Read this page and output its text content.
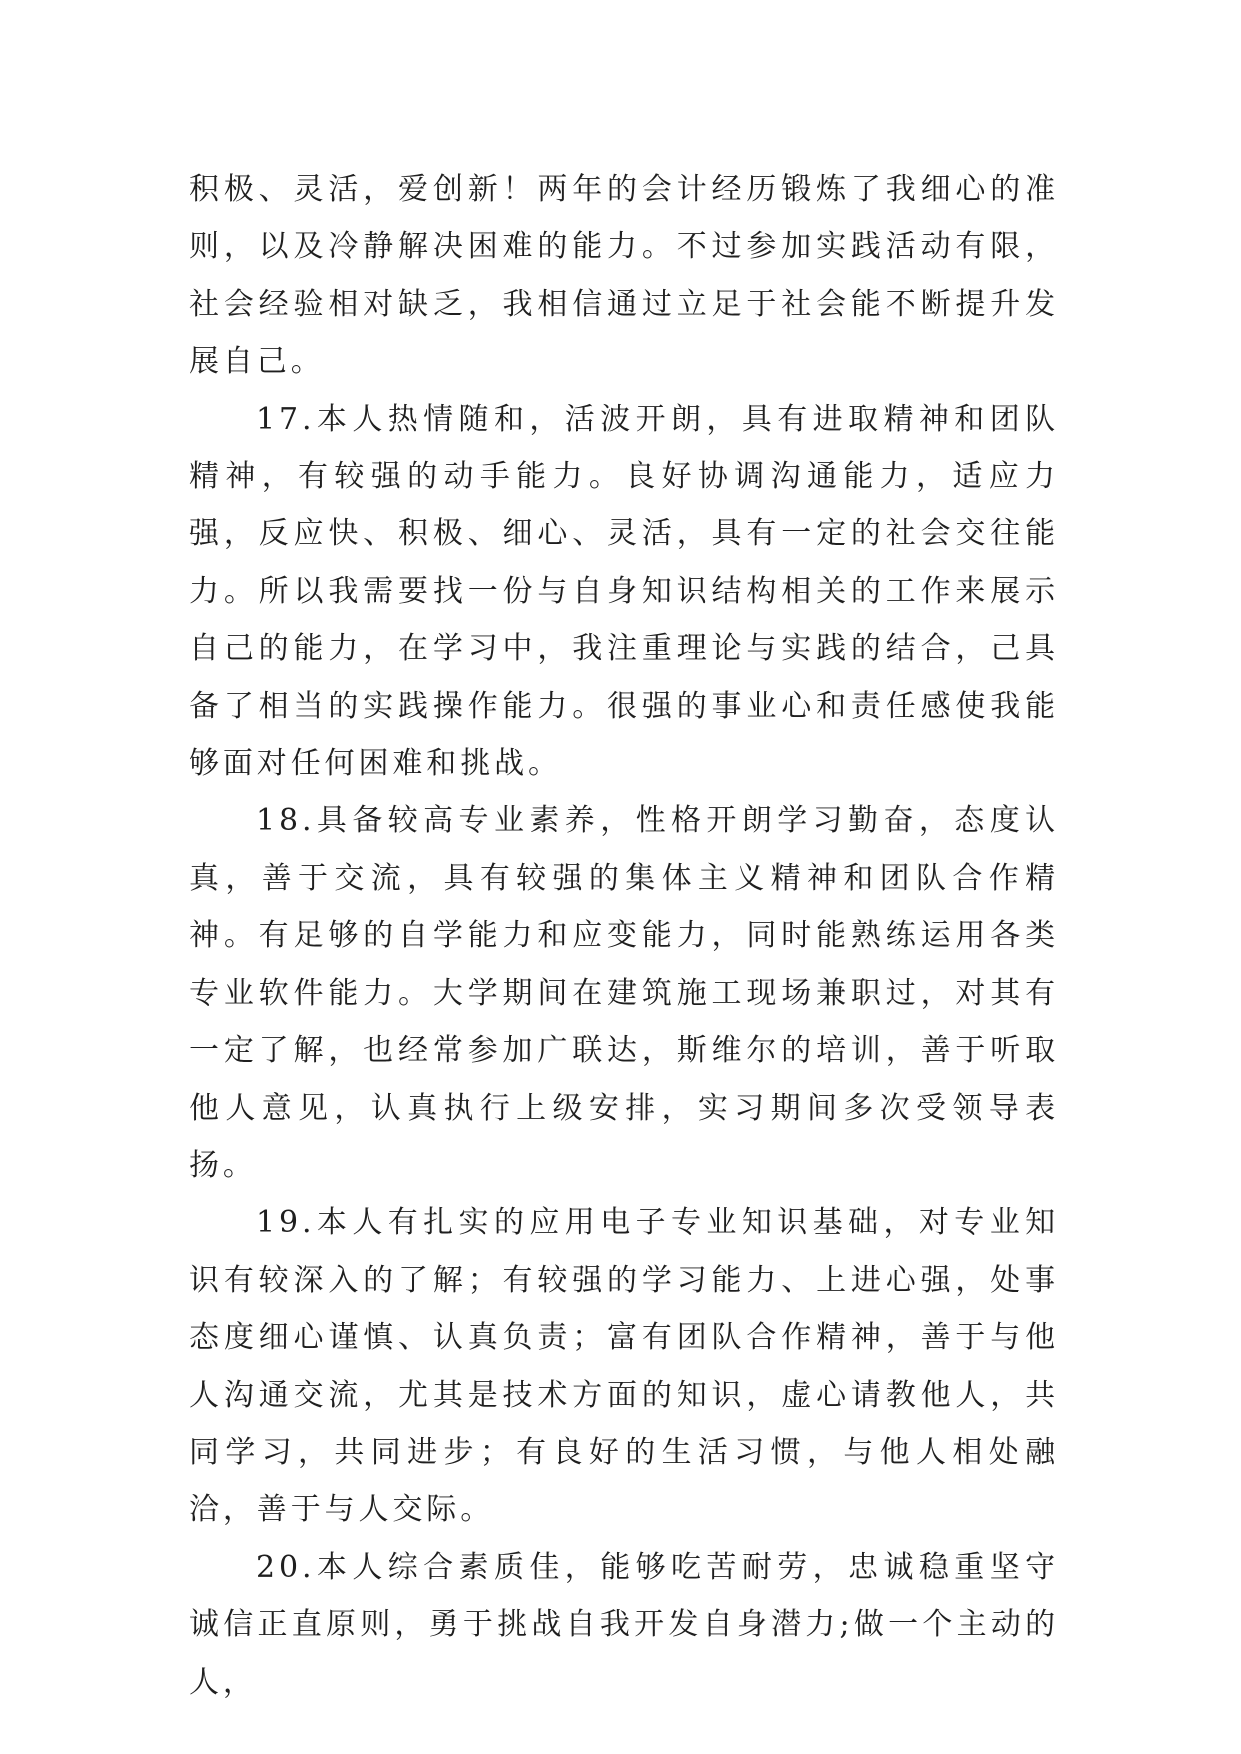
积极、灵活，爱创新！两年的会计经历锻炼了我细心的准则，以及冷静解决困难的能力。不过参加实践活动有限，社会经验相对缺乏，我相信通过立足于社会能不断提升发展自己。

17.本人热情随和，活波开朗，具有进取精神和团队精神，有较强的动手能力。良好协调沟通能力，适应力强，反应快、积极、细心、灵活，具有一定的社会交往能力。所以我需要找一份与自身知识结构相关的工作来展示自己的能力，在学习中，我注重理论与实践的结合，己具备了相当的实践操作能力。很强的事业心和责任感使我能够面对任何困难和挑战。

18.具备较高专业素养，性格开朗学习勤奋，态度认真，善于交流，具有较强的集体主义精神和团队合作精神。有足够的自学能力和应变能力，同时能熟练运用各类专业软件能力。大学期间在建筑施工现场兼职过，对其有一定了解，也经常参加广联达，斯维尔的培训，善于听取他人意见，认真执行上级安排，实习期间多次受领导表扬。

19.本人有扎实的应用电子专业知识基础，对专业知识有较深入的了解；有较强的学习能力、上进心强，处事态度细心谨慎、认真负责；富有团队合作精神，善于与他人沟通交流，尤其是技术方面的知识，虚心请教他人，共同学习，共同进步；有良好的生活习惯，与他人相处融洽，善于与人交际。

20.本人综合素质佳，能够吃苦耐劳，忠诚稳重坚守诚信正直原则，勇于挑战自我开发自身潜力;做一个主动的人，
